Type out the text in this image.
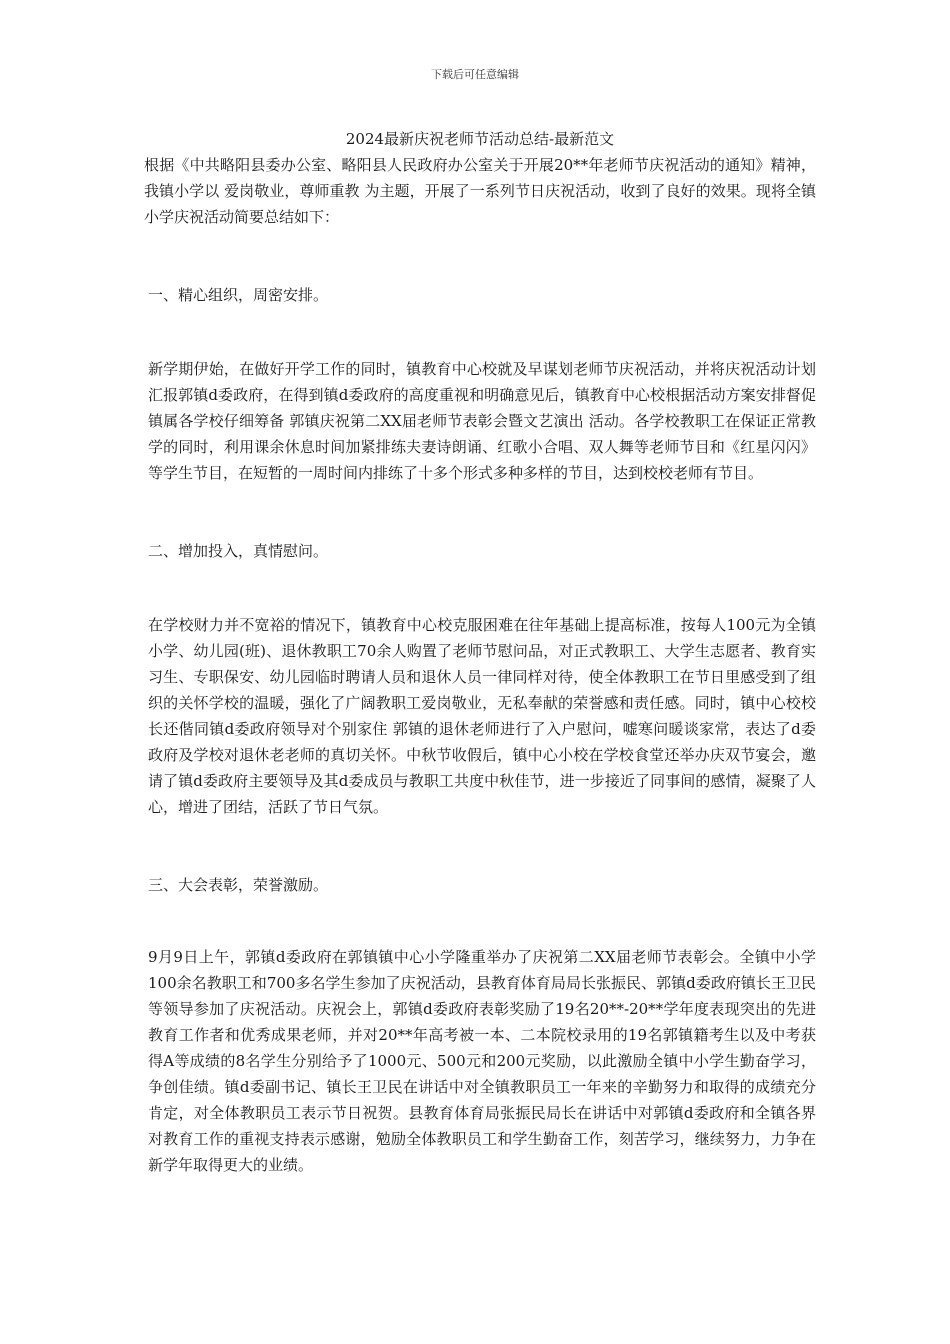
下载后可任意编辑
2024最新庆祝老师节活动总结-最新范文

根据《中共略阳县委办公室、略阳县人民政府办公室关于开展20**年老师节庆祝活动的通知》精神，我镇小学以 爱岗敬业，尊师重教 为主题，开展了一系列节日庆祝活动，收到了良好的效果。现将全镇小学庆祝活动简要总结如下：

一、精心组织，周密安排。

新学期伊始，在做好开学工作的同时，镇教育中心校就及早谋划老师节庆祝活动，并将庆祝活动计划汇报郭镇d委政府，在得到镇d委政府的高度重视和明确意见后，镇教育中心校根据活动方案安排督促镇属各学校仔细筹备 郭镇庆祝第二XX届老师节表彰会暨文艺演出 活动。各学校教职工在保证正常教学的同时，利用课余休息时间加紧排练夫妻诗朗诵、红歌小合唱、双人舞等老师节目和《红星闪闪》等学生节目，在短暂的一周时间内排练了十多个形式多种多样的节目，达到校校老师有节目。

二、增加投入，真情慰问。

在学校财力并不宽裕的情况下，镇教育中心校克服困难在往年基础上提高标准，按每人100元为全镇小学、幼儿园(班)、退休教职工70余人购置了老师节慰问品，对正式教职工、大学生志愿者、教育实习生、专职保安、幼儿园临时聘请人员和退休人员一律同样对待，使全体教职工在节日里感受到了组织的关怀学校的温暖，强化了广阔教职工爱岗敬业，无私奉献的荣誉感和责任感。同时，镇中心校校长还偕同镇d委政府领导对个别家住 郭镇的退休老师进行了入户慰问，嘘寒问暖谈家常，表达了d委政府及学校对退休老老师的真切关怀。中秋节收假后，镇中心小校在学校食堂还举办庆双节宴会，邀请了镇d委政府主要领导及其d委成员与教职工共度中秋佳节，进一步接近了同事间的感情，凝聚了人心，增进了团结，活跃了节日气氛。

三、大会表彰，荣誉激励。

9月9日上午，郭镇d委政府在郭镇镇中心小学隆重举办了庆祝第二XX届老师节表彰会。全镇中小学100余名教职工和700多名学生参加了庆祝活动，县教育体育局局长张振民、郭镇d委政府镇长王卫民等领导参加了庆祝活动。庆祝会上，郭镇d委政府表彰奖励了19名20**-20**学年度表现突出的先进教育工作者和优秀成果老师，并对20**年高考被一本、二本院校录用的19名郭镇籍考生以及中考获得A等成绩的8名学生分别给予了1000元、500元和200元奖励，以此激励全镇中小学生勤奋学习，争创佳绩。镇d委副书记、镇长王卫民在讲话中对全镇教职员工一年来的辛勤努力和取得的成绩充分肯定，对全体教职员工表示节日祝贺。县教育体育局张振民局长在讲话中对郭镇d委政府和全镇各界对教育工作的重视支持表示感谢，勉励全体教职员工和学生勤奋工作，刻苦学习，继续努力，力争在新学年取得更大的业绩。
